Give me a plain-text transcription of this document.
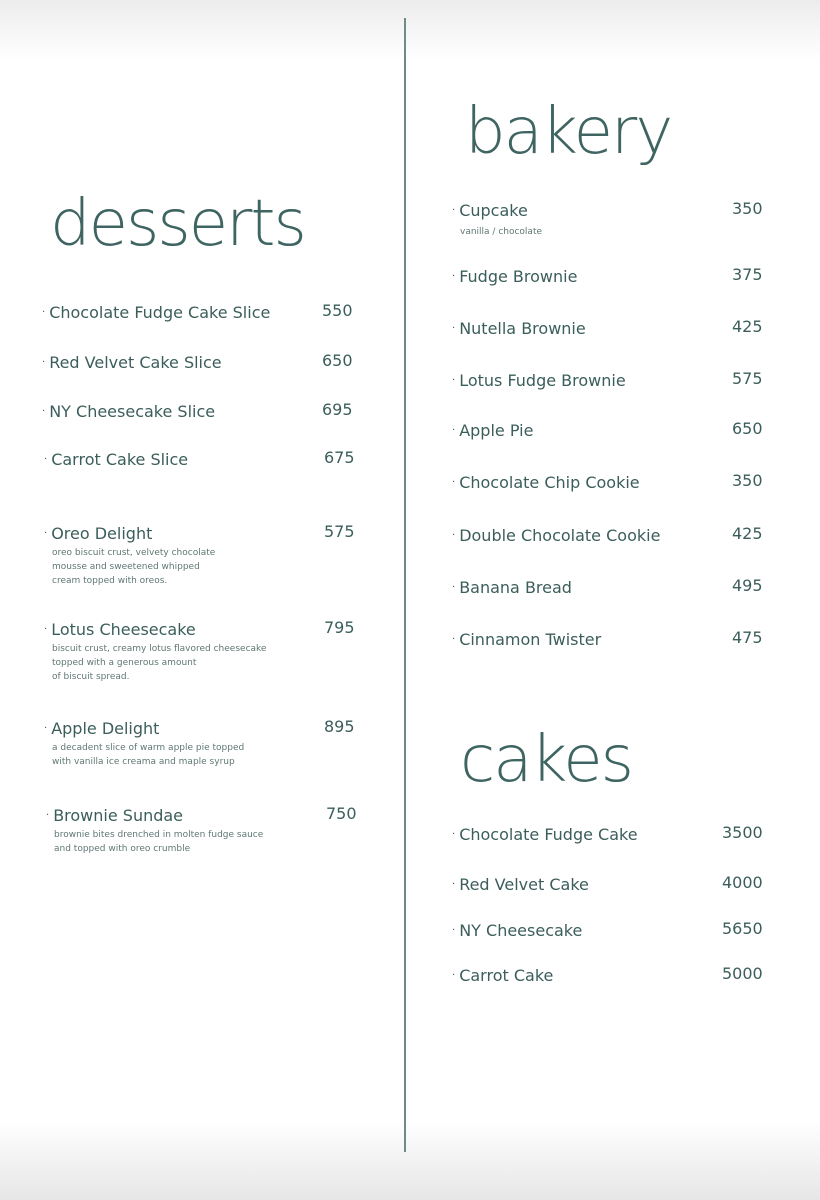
desserts
bakery
cakes
· Chocolate Fudge Cake Slice	550
· Red Velvet Cake Slice	650
· NY Cheesecake Slice	695
· Carrot Cake Slice	675
· Oreo Delight	575
oreo biscuit crust, velvety chocolate
mousse and sweetened whipped
cream topped with oreos.
· Lotus Cheesecake	795
biscuit crust, creamy lotus flavored cheesecake
topped with a generous amount
of biscuit spread.
· Apple Delight	895
a decadent slice of warm apple pie topped
with vanilla ice creama and maple syrup
· Brownie Sundae	750
brownie bites drenched in molten fudge sauce
and topped with oreo crumble
· Cupcake	350
vanilla / chocolate
· Fudge Brownie	375
· Nutella Brownie	425
· Lotus Fudge Brownie	575
· Apple Pie	650
· Chocolate Chip Cookie	350
· Double Chocolate Cookie	425
· Banana Bread	495
· Cinnamon Twister	475
· Chocolate Fudge Cake	3500
· Red Velvet Cake	4000
· NY Cheesecake	5650
· Carrot Cake	5000
